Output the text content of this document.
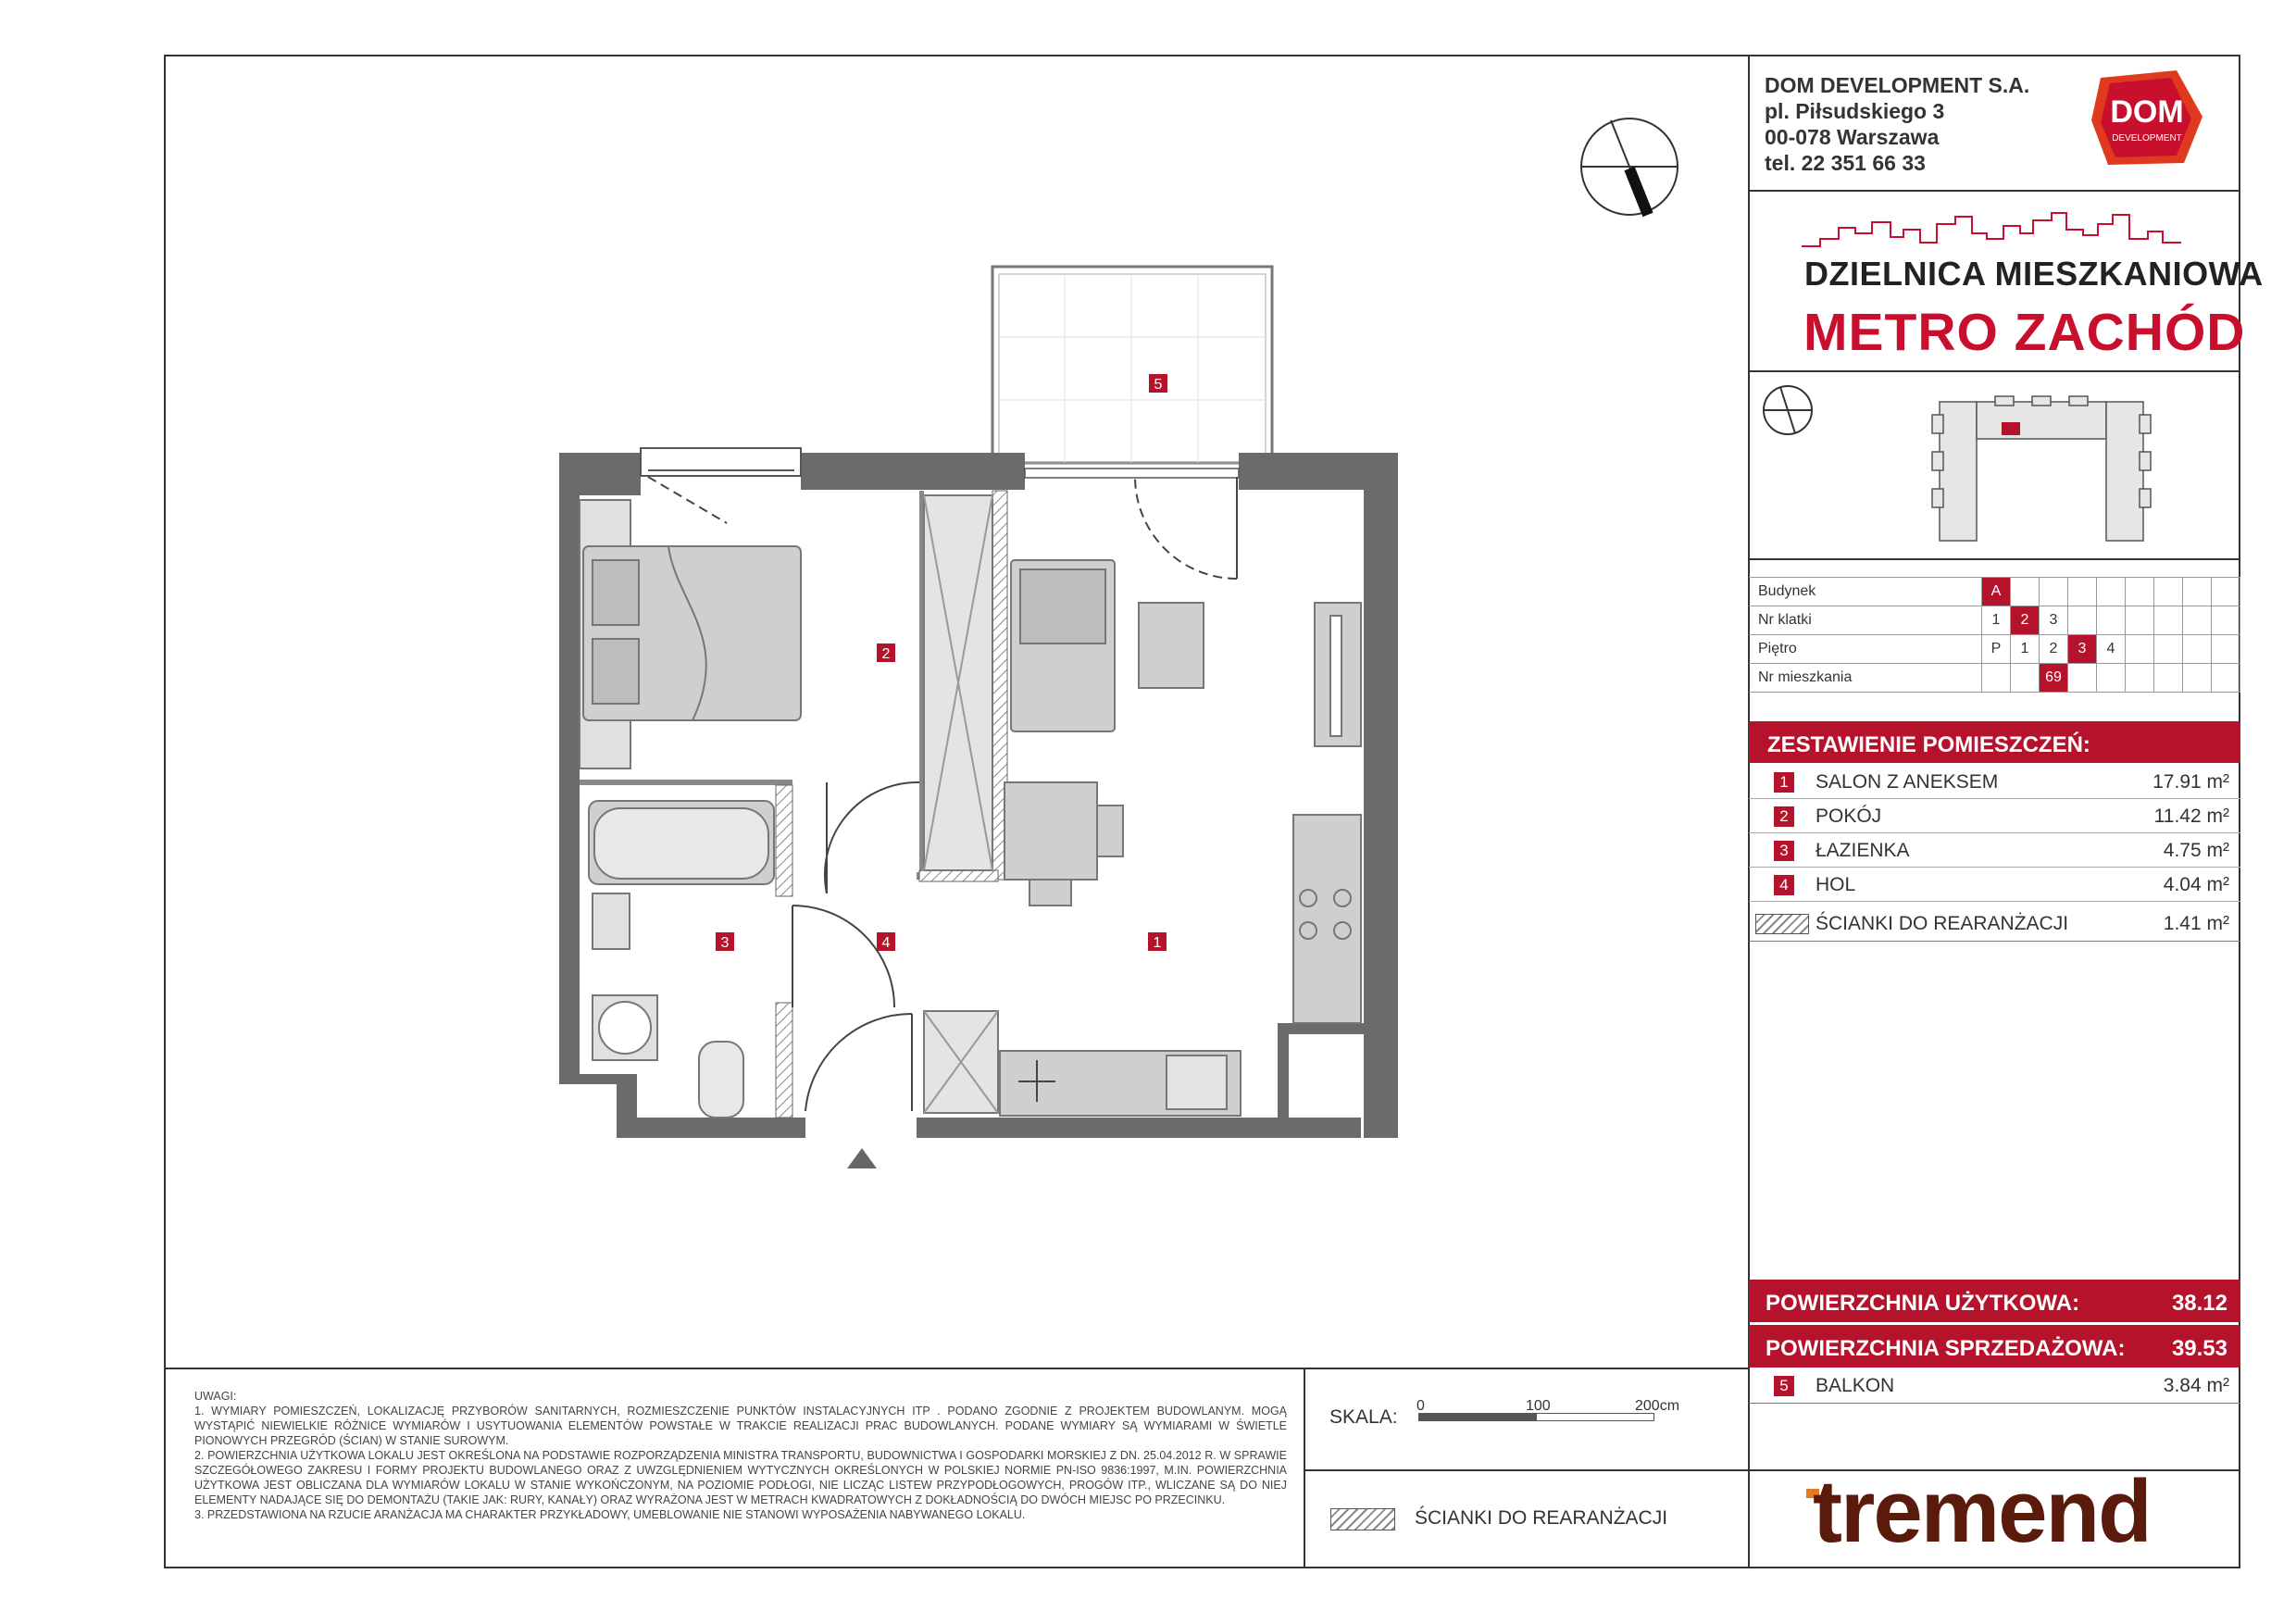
5
2
1
3	4
DOM DEVELOPMENT S.A.
pl. Piłsudskiego 3
00-078 Warszawa
tel. 22 351 66 33
DOM
DEVELOPMENT
DZIELNICA MIESZKANIOWA
METRO ZACHÓD
Budynek	A								
Nr klatki	1	2	3						
Piętro	P	1	2	3	4				
Nr mieszkania			69						
ZESTAWIENIE POMIESZCZEŃ:
1 SALON Z ANEKSEM	17.91 m²
2 POKÓJ	11.42 m²
3 ŁAZIENKA	4.75 m²
4 HOL	4.04 m²
ŚCIANKI DO REARANŻACJI	1.41 m²
POWIERZCHNIA UŻYTKOWA:	38.12
POWIERZCHNIA SPRZEDAŻOWA: 39.53
5 BALKON	3.84 m²
UWAGI:
1. WYMIARY POMIESZCZEŃ, LOKALIZACJĘ PRZYBORÓW SANITARNYCH, ROZMIESZCZENIE PUNKTÓW INSTALACYJNYCH ITP . PODANO ZGODNIE Z PROJEKTEM BUDOWLANYM. MOGĄ WYSTĄPIĆ NIEWIELKIE RÓŻNICE WYMIARÓW I USYTUOWANIA ELEMENTÓW POWSTAŁE W TRAKCIE REALIZACJI PRAC BUDOWLANYCH. PODANE WYMIARY SĄ WYMIARAMI W ŚWIETLE PIONOWYCH PRZEGRÓD (ŚCIAN) W STANIE SUROWYM.
2. POWIERZCHNIA UŻYTKOWA LOKALU JEST OKREŚLONA NA PODSTAWIE ROZPORZĄDZENIA MINISTRA TRANSPORTU, BUDOWNICTWA I GOSPODARKI MORSKIEJ Z DN. 25.04.2012 R. W SPRAWIE SZCZEGÓŁOWEGO ZAKRESU I FORMY PROJEKTU BUDOWLANEGO ORAZ Z UWZGLĘDNIENIEM WYTYCZNYCH OKREŚLONYCH W POLSKIEJ NORMIE PN-ISO 9836:1997, M.IN. POWIERZCHNIA UŻYTKOWA JEST OBLICZANA DLA WYMIARÓW LOKALU W STANIE WYKOŃCZONYM, NA POZIOMIE PODŁOGI, NIE LICZĄC LISTEW PRZYPODŁOGOWYCH, PROGÓW ITP., WLICZANE SĄ DO NIEJ ELEMENTY NADAJĄCE SIĘ DO DEMONTAŻU (TAKIE JAK: RURY, KANAŁY) ORAZ WYRAŻONA JEST W METRACH KWADRATOWYCH Z DOKŁADNOŚCIĄ DO DWÓCH MIEJSC PO PRZECINKU.
3. PRZEDSTAWIONA NA RZUCIE ARANŻACJA MA CHARAKTER PRZYKŁADOWY, UMEBLOWANIE NIE STANOWI WYPOSAŻENIA NABYWANEGO LOKALU.
SKALA:
0	100	200cm
ŚCIANKI DO REARANŻACJI tremend
